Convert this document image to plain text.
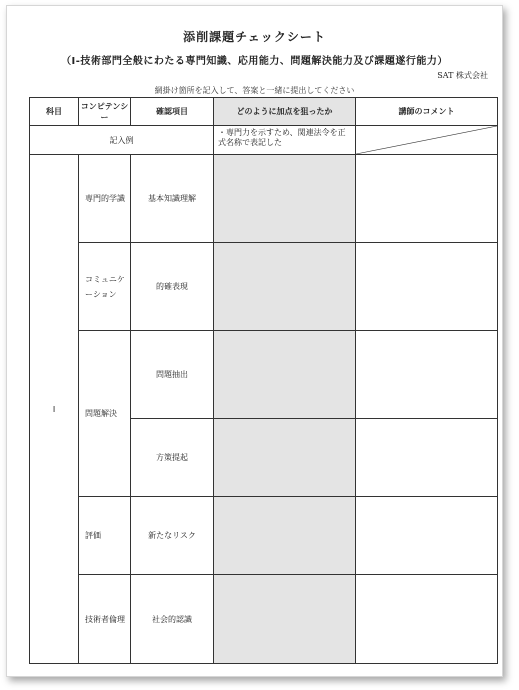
添削課題チェックシート
（Ⅰ-技術部門全般にわたる専門知識、応用能力、問題解決能力及び課題遂行能力）
SAT 株式会社
網掛け箇所を記入して、答案と一緒に提出してください
科目	コンピテンシー	確認項目	どのように加点を狙ったか	講師のコメント
記入例			・専門力を示すため、関連法令を正式名称で表記した	

Ⅰ	専門的学識	基本知識理解		
	コミュニケーション	的確表現		
	問題解決	問題抽出		
		方策提起		
	評価	新たなリスク		
	技術者倫理	社会的認識		
